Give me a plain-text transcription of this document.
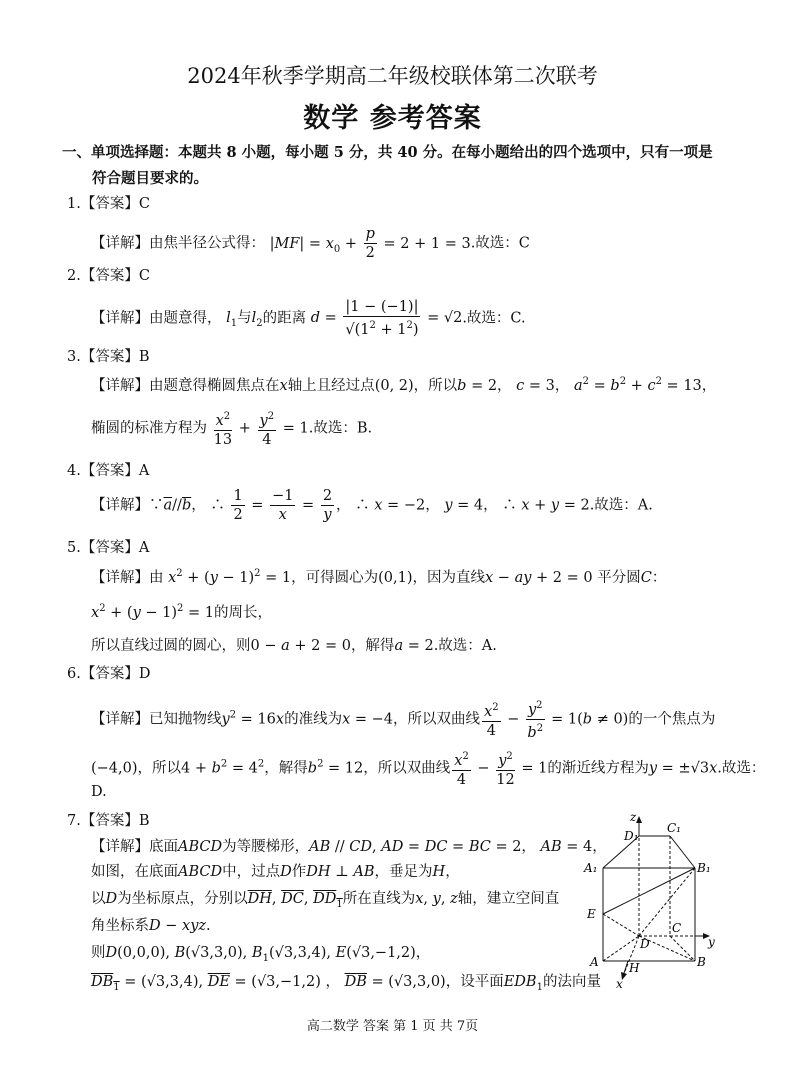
2024年秋季学期高二年级校联体第二次联考
数学 参考答案
一、单项选择题：本题共 8 小题，每小题 5 分，共 40 分。在每小题给出的四个选项中，只有一项是
符合题目要求的。
1.【答案】C
【详解】由焦半径公式得： $|MF| = x_0 + \frac{p}{2} = 2 + 1 = 3$.故选：C
2.【答案】C
【详解】由题意得， $l_1$与$l_2$的距离 $d = \frac{|1 - (-1)|}{√(1^2 + 1^2)} = √2$.故选：C.
3.【答案】B
【详解】由题意得椭圆焦点在x轴上且经过点(0, 2)，所以b = 2， c = 3， $a^2 = b^2 + c^2 = 13$，
椭圆的标准方程为 $\frac{x^2}{13} + \frac{y^2}{4} = 1$.故选：B.
4.【答案】A
【详解】$\because\overline{a}//\overline{b}$， ∴ $\frac{1}{2} = \frac{-1}{x} = \frac{2}{y}$ ， ∴ x = −2， y = 4， ∴ x + y = 2.故选：A.
5.【答案】A
【详解】由 $x^2 + (y - 1)^2 = 1$，可得圆心为(0,1)，因为直线x − ay + 2 = 0 平分圆C：
$x^2 + (y - 1)^2 = 1$的周长，
所以直线过圆的圆心，则0 − a + 2 = 0，解得a = 2.故选：A.
6.【答案】D
【详解】已知抛物线$y^2 = 16x$的准线为x = −4，所以双曲线 $\frac{x^2}{4} - \frac{y^2}{b^2} = 1(b \ne 0)$的一个焦点为
(−4,0)，所以$4 + b^2 = 4^2$，解得$b^2 = 12$，所以双曲线 $\frac{x^2}{4} - \frac{y^2}{12} = 1$的渐近线方程为y = ±√3x.故选：
D.
7.【答案】B
【详解】底面ABCD为等腰梯形，AB // CD, AD = DC = BC = 2， AB = 4，
如图，在底面ABCD中，过点D作DH ⊥ AB，垂足为H，
以D为坐标原点，分别以$\overline{DH}$, $\overline{DC}$, $DD_1$所在直线为x, y, z轴，建立空间直
角坐标系D − xyz.
则D(0,0,0), B(√3,3,0), $B_1(√3,3,4)$, E(√3,−1,2)，
$DB_1 = (√3,3,4)$, $\overline{DE} = (√3,-1,2)$ ， $\overline{DB} = (√3,3,0)$，设平面$EDB_1$的法向量
z
D₁
C₁
A₁	B₁
E
D
C
y
A	H	B
x
高二数学 答案 第 1 页 共 7页
